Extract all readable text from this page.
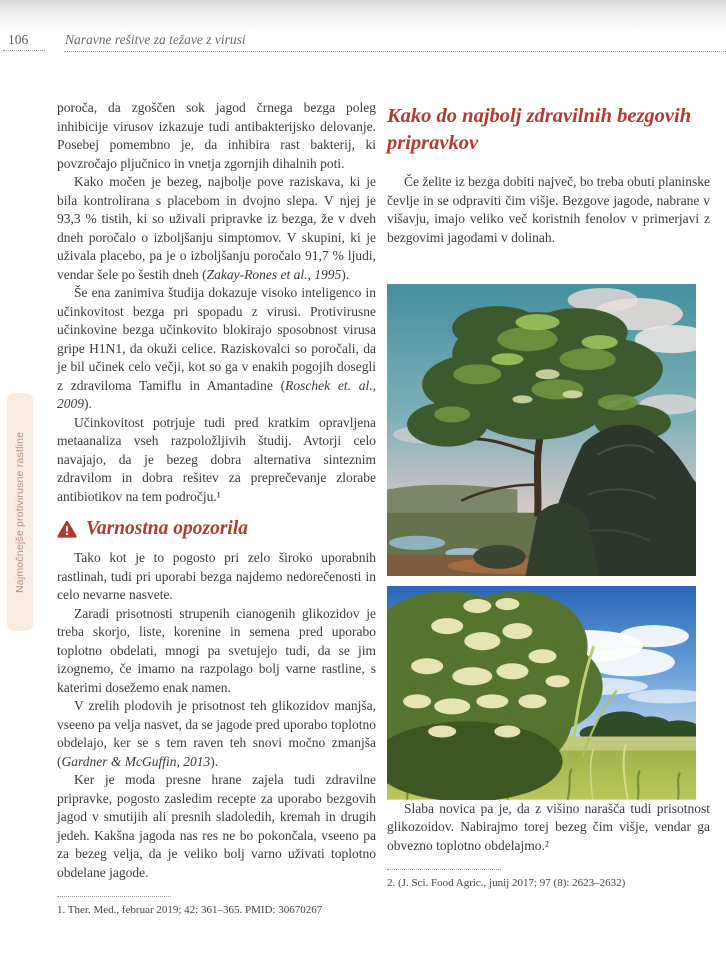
106	Naravne rešitve za težave z virusi
Najmočnejše protivirusne rastline

poroča, da zgoščen sok jagod črnega bezga poleg inhibicije virusov izkazuje tudi antibakterijsko delovanje. Posebej pomembno je, da inhibira rast bakterij, ki povzročajo pljučnico in vnetja zgornjih dihalnih poti.

Kako močen je bezeg, najbolje pove raziskava, ki je bila kontrolirana s placebom in dvojno slepa. V njej je 93,3 % tistih, ki so uživali pripravke iz bezga, že v dveh dneh poročalo o izboljšanju simptomov. V skupini, ki je uživala placebo, pa je o izboljšanju poročalo 91,7 % ljudi, vendar šele po šestih dneh (Zakay-Rones et al., 1995).

Še ena zanimiva študija dokazuje visoko inteligenco in učinkovitost bezga pri spopadu z virusi. Protivirusne učinkovine bezga učinkovito blokirajo sposobnost virusa gripe H1N1, da okuži celice. Raziskovalci so poročali, da je bil učinek celo večji, kot so ga v enakih pogojih dosegli z zdraviloma Tamiflu in Amantadine (Roschek et. al., 2009).

Učinkovitost potrjuje tudi pred kratkim opravljena metaanaliza vseh razpoložljivih študij. Avtorji celo navajajo, da je bezeg dobra alternativa sinteznim zdravilom in dobra rešitev za preprečevanje zlorabe antibiotikov na tem področju.¹

Varnostna opozorila

Tako kot je to pogosto pri zelo široko uporabnih rastlinah, tudi pri uporabi bezga najdemo nedorečenosti in celo nevarne nasvete.

Zaradi prisotnosti strupenih cianogenih glikozidov je treba skorjo, liste, korenine in semena pred uporabo toplotno obdelati, mnogi pa svetujejo tudi, da se jim izognemo, če imamo na razpolago bolj varne rastline, s katerimi dosežemo enak namen.

V zrelih plodovih je prisotnost teh glikozidov manjša, vseeno pa velja nasvet, da se jagode pred uporabo toplotno obdelajo, ker se s tem raven teh snovi močno zmanjša (Gardner & McGuffin, 2013).

Ker je moda presne hrane zajela tudi zdravilne pripravke, pogosto zasledim recepte za uporabo bezgovih jagod v smutijih ali presnih sladoledih, kremah in drugih jedeh. Kakšna jagoda nas res ne bo pokončala, vseeno pa za bezeg velja, da je veliko bolj varno uživati toplotno obdelane jagode.

1. Ther. Med., februar 2019; 42: 361–365. PMID: 30670267
Kako do najbolj zdravilnih bezgovih pripravkov

Če želite iz bezga dobiti največ, bo treba obuti planinske čevlje in se odpraviti čim višje. Bezgove jagode, nabrane v višavju, imajo veliko več koristnih fenolov v primerjavi z bezgovimi jagodami v dolinah.

Slaba novica pa je, da z višino narašča tudi prisotnost glikozoidov. Nabirajmo torej bezeg čim višje, vendar ga obvezno toplotno obdelajmo.²

2. (J. Sci. Food Agric., junij 2017; 97 (8): 2623–2632)
